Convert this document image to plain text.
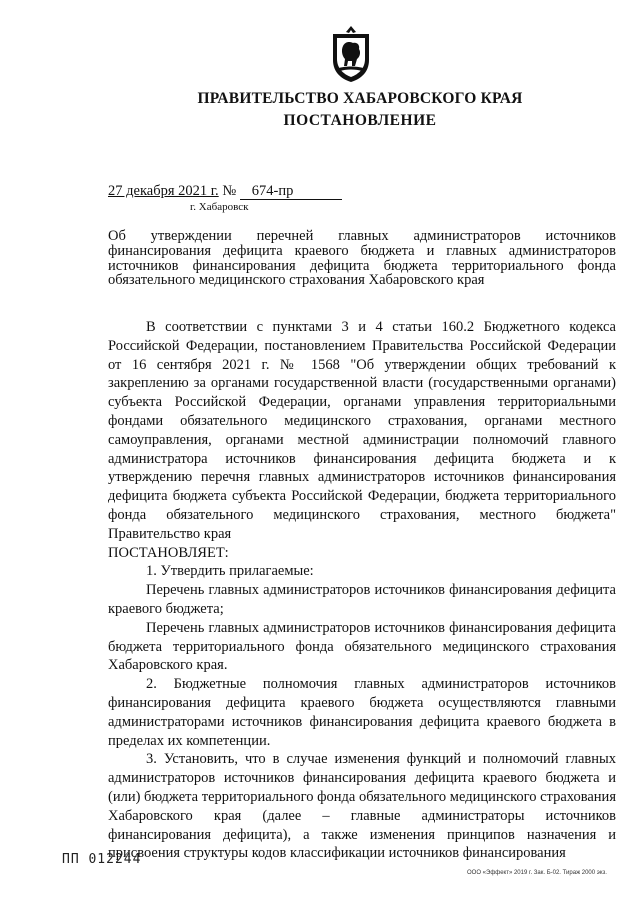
ПРАВИТЕЛЬСТВО ХАБАРОВСКОГО КРАЯ
ПОСТАНОВЛЕНИЕ
27 декабря 2021 г. № 674-пр
г. Хабаровск
Об утверждении перечней главных администраторов источников финансирования дефицита краевого бюджета и главных администраторов источников финансирования дефицита бюджета территориального фонда обязательного медицинского страхования Хабаровского края

В соответствии с пунктами 3 и 4 статьи 160.2 Бюджетного кодекса Российской Федерации, постановлением Правительства Российской Федерации от 16 сентября 2021 г. № 1568 "Об утверждении общих требований к закреплению за органами государственной власти (государственными органами) субъекта Российской Федерации, органами управления территориальными фондами обязательного медицинского страхования, органами местного самоуправления, органами местной администрации полномочий главного администратора источников финансирования дефицита бюджета и к утверждению перечня главных администраторов источников финансирования дефицита бюджета субъекта Российской Федерации, бюджета территориального фонда обязательного медицинского страхования, местного бюджета" Правительство края

ПОСТАНОВЛЯЕТ:

1. Утвердить прилагаемые:

Перечень главных администраторов источников финансирования дефицита краевого бюджета;

Перечень главных администраторов источников финансирования дефицита бюджета территориального фонда обязательного медицинского страхования Хабаровского края.

2. Бюджетные полномочия главных администраторов источников финансирования дефицита краевого бюджета осуществляются главными администраторами источников финансирования дефицита краевого бюджета в пределах их компетенции.

3. Установить, что в случае изменения функций и полномочий главных администраторов источников финансирования дефицита краевого бюджета и (или) бюджета территориального фонда обязательного медицинского страхования Хабаровского края (далее – главные администраторы источников финансирования дефицита), а также изменения принципов назначения и присвоения структуры кодов классификации источников финансирования

ПП 012244
ООО «Эффект» 2019 г. Зак. Б-02. Тираж 2000 экз.
